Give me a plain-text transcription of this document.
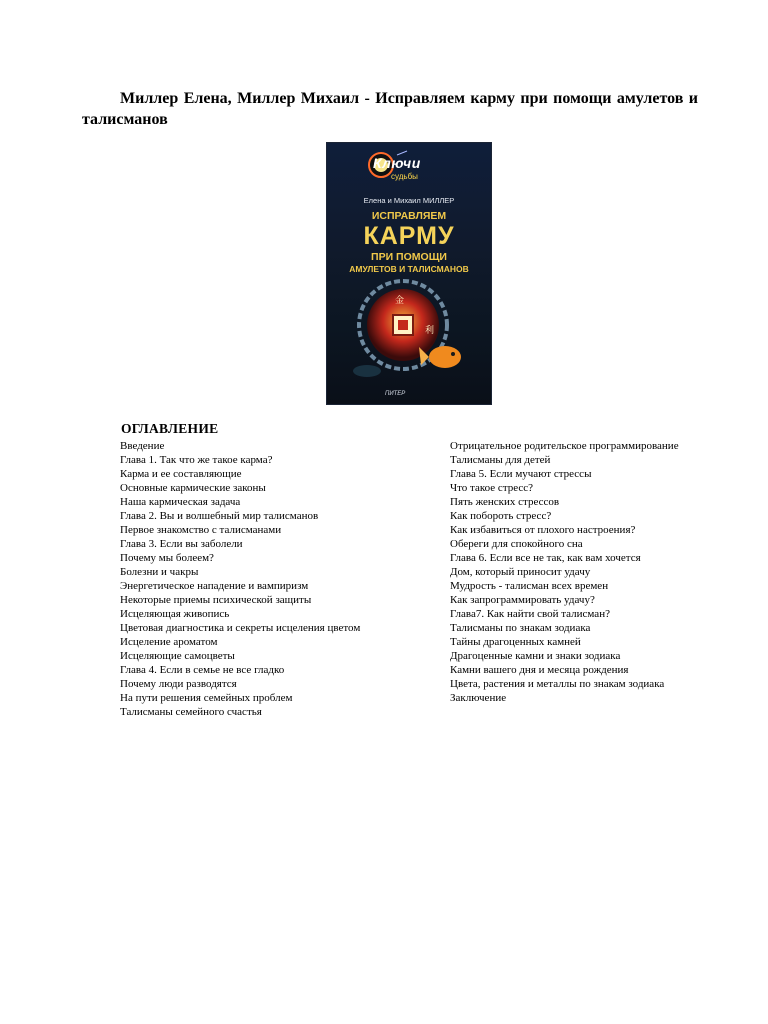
Миллер Елена, Миллер Михаил - Исправляем карму при помощи амулетов и талисманов

Ключи
судьбы
Елена и Михаил МИЛЛЕР
ИСПРАВЛЯЕМ
КАРМУ
ПРИ ПОМОЩИ
АМУЛЕТОВ И ТАЛИСМАНОВ
金
利
ПИТЕР
ОГЛАВЛЕНИЕ
Введение
Глава 1. Так что же такое карма?
Карма и ее составляющие
Основные кармические законы
Наша кармическая задача
Глава 2. Вы и волшебный мир талисманов
Первое знакомство с талисманами
Глава 3. Если вы заболели
Почему мы болеем?
Болезни и чакры
Энергетическое нападение и вампиризм
Некоторые приемы психической защиты
Исцеляющая живопись
Цветовая диагностика и секреты исцеления цветом
Исцеление ароматом
Исцеляющие самоцветы
Глава 4. Если в семье не все гладко
Почему люди разводятся
На пути решения семейных проблем
Талисманы семейного счастья
Отрицательное родительское программирование
Талисманы для детей
Глава 5. Если мучают стрессы
Что такое стресс?
Пять женских стрессов
Как побороть стресс?
Как избавиться от плохого настроения?
Обереги для спокойного сна
Глава 6. Если все не так, как вам хочется
Дом, который приносит удачу
Мудрость - талисман всех времен
Как запрограммировать удачу?
Глава7. Как найти свой талисман?
Талисманы по знакам зодиака
Тайны драгоценных камней
Драгоценные камни и знаки зодиака
Камни вашего дня и месяца рождения
Цвета, растения и металлы по знакам зодиака
Заключение
